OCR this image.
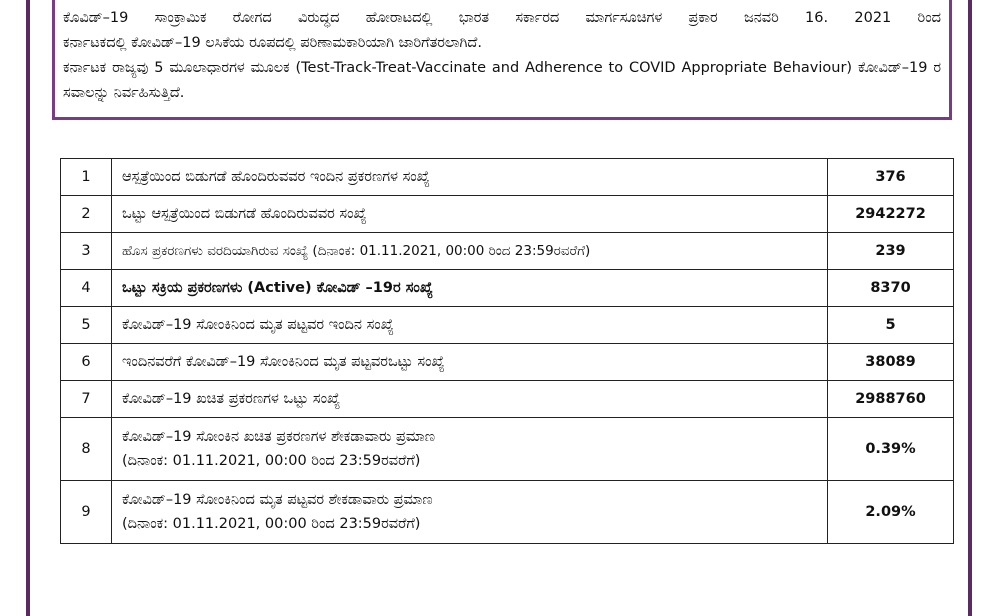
ಕೊವಿಡ್–19 ಸಾಂಕ್ರಾಮಿಕ ರೋಗದ ವಿರುದ್ಧದ ಹೋರಾಟದಲ್ಲಿ ಭಾರತ ಸರ್ಕಾರದ ಮಾರ್ಗಸೂಚಿಗಳ ಪ್ರಕಾರ ಜನವರಿ 16. 2021 ರಿಂದ

ಕರ್ನಾಟಕದಲ್ಲಿ ಕೋವಿಡ್–19 ಲಸಿಕೆಯ ರೂಪದಲ್ಲಿ ಪರಿಣಾಮಕಾರಿಯಾಗಿ ಜಾರಿಗೆತರಲಾಗಿದೆ.

ಕರ್ನಾಟಕ ರಾಜ್ಯವು 5 ಮೂಲಾಧಾರಗಳ ಮೂಲಕ (Test-Track-Treat-Vaccinate and Adherence to COVID Appropriate Behaviour) ಕೋವಿಡ್–19 ರ ಸವಾಲನ್ನು ನಿರ್ವಹಿಸುತ್ತಿದೆ.

1	ಆಸ್ಪತ್ರೆಯಿಂದ ಬಿಡುಗಡೆ ಹೊಂದಿರುವವರ ಇಂದಿನ ಪ್ರಕರಣಗಳ ಸಂಖ್ಯೆ	376
2	ಒಟ್ಟು ಆಸ್ಪತ್ರೆಯಿಂದ ಬಿಡುಗಡೆ ಹೊಂದಿರುವವರ ಸಂಖ್ಯೆ	2942272
3	ಹೊಸ ಪ್ರಕರಣಗಳು ವರದಿಯಾಗಿರುವ ಸಂಖ್ಯೆ (ದಿನಾಂಕ: 01.11.2021, 00:00 ರಿಂದ 23:59ರವರೆಗೆ)	239
4	ಒಟ್ಟು ಸಕ್ರಿಯ ಪ್ರಕರಣಗಳು (Active) ಕೋವಿಡ್ –19ರ ಸಂಖ್ಯೆ	8370
5	ಕೋವಿಡ್–19 ಸೋಂಕಿನಿಂದ ಮೃತ ಪಟ್ಟವರ ಇಂದಿನ ಸಂಖ್ಯೆ	5
6	ಇಂದಿನವರೆಗೆ ಕೋವಿಡ್–19 ಸೋಂಕಿನಿಂದ ಮೃತ ಪಟ್ಟವರಒಟ್ಟು ಸಂಖ್ಯೆ	38089
7	ಕೋವಿಡ್–19 ಖಚಿತ ಪ್ರಕರಣಗಳ ಒಟ್ಟು ಸಂಖ್ಯೆ	2988760
8	ಕೋವಿಡ್–19 ಸೋಂಕಿನ ಖಚಿತ ಪ್ರಕರಣಗಳ ಶೇಕಡಾವಾರು ಪ್ರಮಾಣ
(ದಿನಾಂಕ: 01.11.2021, 00:00 ರಿಂದ 23:59ರವರೆಗೆ)	0.39%
9	ಕೋವಿಡ್–19 ಸೋಂಕಿನಿಂದ ಮೃತ ಪಟ್ಟವರ ಶೇಕಡಾವಾರು ಪ್ರಮಾಣ
(ದಿನಾಂಕ: 01.11.2021, 00:00 ರಿಂದ 23:59ರವರೆಗೆ)	2.09%
